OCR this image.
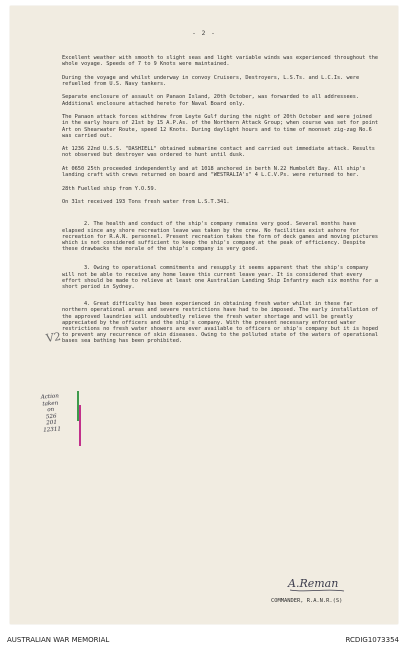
- 2 -

Excellent weather with smooth to slight seas and light variable winds was experienced throughout the whole voyage. Speeds of 7 to 9 Knots were maintained.

During the voyage and whilst underway in convoy Cruisers, Destroyers, L.S.Ts. and L.C.Is. were refuelled from U.S. Navy tankers.

Separate enclosure of assault on Panaon Island, 20th October, was forwarded to all addressees. Additional enclosure attached hereto for Naval Board only.

The Panaon attack forces withdrew from Leyte Gulf during the night of 20th October and were joined in the early hours of 21st by 15 A.P.As. of the Northern Attack Group; when course was set for point Art on Shearwater Route, speed 12 Knots. During daylight hours and to time of moonset zig-zag No.6 was carried out.

At 1236 22nd U.S.S. "DASHIELL" obtained submarine contact and carried out immediate attack. Results not observed but destroyer was ordered to hunt until dusk.

At 0650 25th proceeded independently and at 1018 anchored in berth N.22 Humboldt Bay. All ship's landing craft with crews returned on board and "WESTRALIA's" 4 L.C.V.Ps. were returned to her.

28th Fuelled ship from Y.O.59.

On 31st received 193 Tons fresh water from L.S.T.341.

2. The health and conduct of the ship's company remains very good. Several months have elapsed since any shore recreation leave was taken by the crew. No facilities exist ashore for recreation for R.A.N. personnel. Present recreation takes the form of deck games and moving pictures which is not considered sufficient to keep the ship's company at the peak of efficiency. Despite these drawbacks the morale of the ship's company is very good.

3. Owing to operational commitments and resupply it seems apparent that the ship's company will not be able to receive any home leave this current leave year. It is considered that every effort should be made to relieve at least one Australian Landing Ship Infantry each six months for a short period in Sydney.

4. Great difficulty has been experienced in obtaining fresh water whilst in these far northern operational areas and severe restrictions have had to be imposed. The early installation of the approved laundries will undoubtedly relieve the fresh water shortage and will be greatly appreciated by the officers and the ship's company. With the present necessary enforced water restrictions no fresh water showers are ever available to officers or ship's company but it is hoped to prevent any recurrence of skin diseases. Owing to the polluted state of the waters of operational bases sea bathing has been prohibited.

V2
Action
taken
on
526
201
12311
A.Reman
COMMANDER, R.A.N.R.(S)
AUSTRALIAN WAR MEMORIAL	RCDIG1073354
